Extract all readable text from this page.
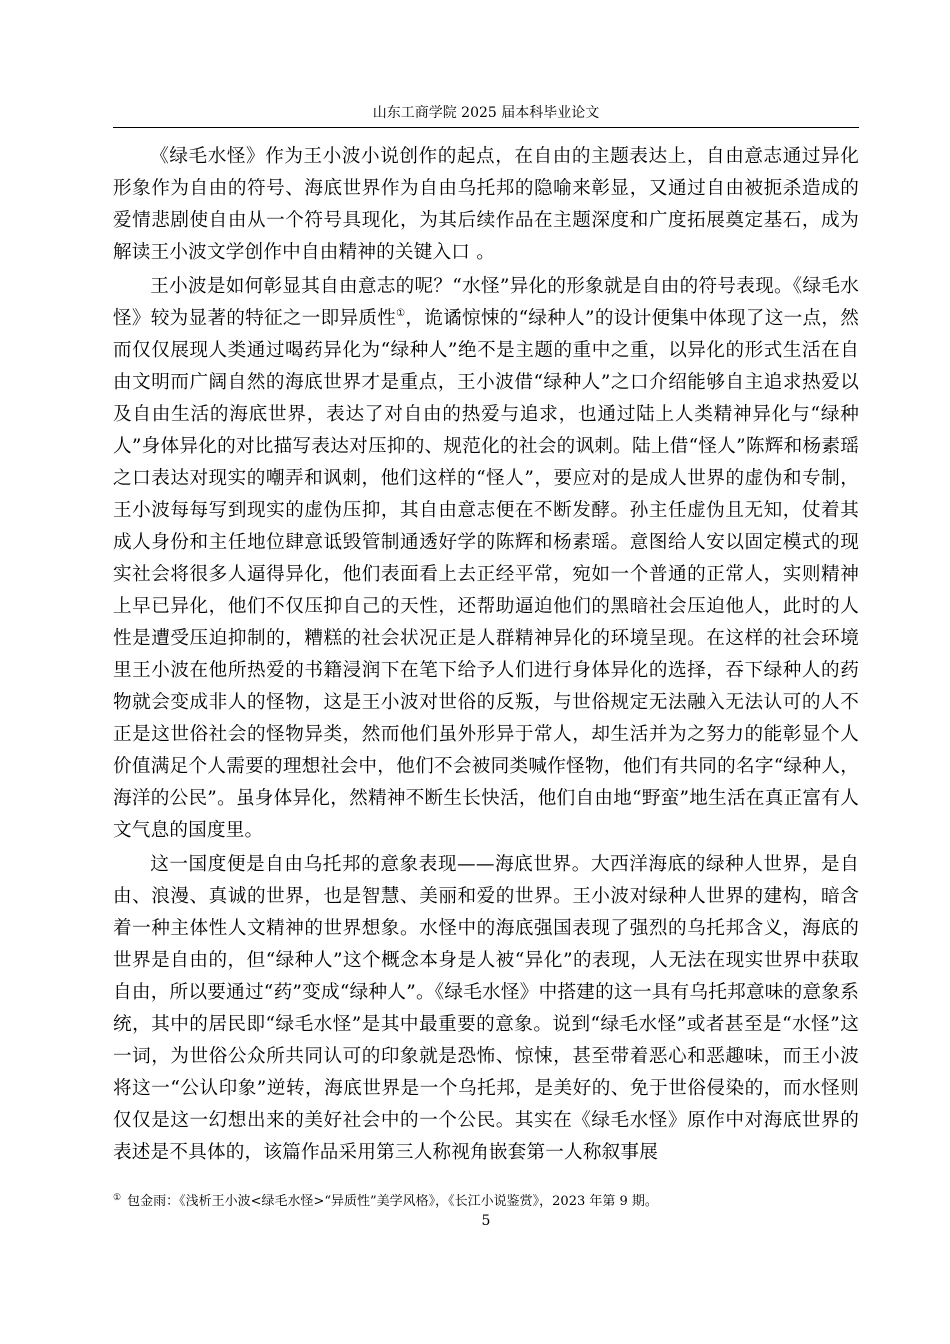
山东工商学院 2025 届本科毕业论文

《绿毛水怪》作为王小波小说创作的起点，在自由的主题表达上，自由意志通过异化形象作为自由的符号、海底世界作为自由乌托邦的隐喻来彰显，又通过自由被扼杀造成的爱情悲剧使自由从一个符号具现化，为其后续作品在主题深度和广度拓展奠定基石，成为解读王小波文学创作中自由精神的关键入口 。

王小波是如何彰显其自由意志的呢？“水怪”异化的形象就是自由的符号表现。《绿毛水怪》较为显著的特征之一即异质性①，诡谲惊悚的“绿种人”的设计便集中体现了这一点，然而仅仅展现人类通过喝药异化为“绿种人”绝不是主题的重中之重，以异化的形式生活在自由文明而广阔自然的海底世界才是重点，王小波借“绿种人”之口介绍能够自主追求热爱以及自由生活的海底世界，表达了对自由的热爱与追求，也通过陆上人类精神异化与“绿种人”身体异化的对比描写表达对压抑的、规范化的社会的讽刺。陆上借“怪人”陈辉和杨素瑶之口表达对现实的嘲弄和讽刺，他们这样的“怪人”，要应对的是成人世界的虚伪和专制，王小波每每写到现实的虚伪压抑，其自由意志便在不断发酵。孙主任虚伪且无知，仗着其成人身份和主任地位肆意诋毁管制通透好学的陈辉和杨素瑶。意图给人安以固定模式的现实社会将很多人逼得异化，他们表面看上去正经平常，宛如一个普通的正常人，实则精神上早已异化，他们不仅压抑自己的天性，还帮助逼迫他们的黑暗社会压迫他人，此时的人性是遭受压迫抑制的，糟糕的社会状况正是人群精神异化的环境呈现。在这样的社会环境里王小波在他所热爱的书籍浸润下在笔下给予人们进行身体异化的选择，吞下绿种人的药物就会变成非人的怪物，这是王小波对世俗的反叛，与世俗规定无法融入无法认可的人不正是这世俗社会的怪物异类，然而他们虽外形异于常人，却生活并为之努力的能彰显个人价值满足个人需要的理想社会中，他们不会被同类喊作怪物，他们有共同的名字“绿种人，海洋的公民”。虽身体异化，然精神不断生长快活，他们自由地“野蛮”地生活在真正富有人文气息的国度里。

这一国度便是自由乌托邦的意象表现——海底世界。大西洋海底的绿种人世界，是自由、浪漫、真诚的世界，也是智慧、美丽和爱的世界。王小波对绿种人世界的建构，暗含着一种主体性人文精神的世界想象。水怪中的海底强国表现了强烈的乌托邦含义，海底的世界是自由的，但“绿种人”这个概念本身是人被“异化”的表现，人无法在现实世界中获取自由，所以要通过“药”变成“绿种人”。《绿毛水怪》中搭建的这一具有乌托邦意味的意象系统，其中的居民即“绿毛水怪”是其中最重要的意象。说到“绿毛水怪”或者甚至是“水怪”这一词，为世俗公众所共同认可的印象就是恐怖、惊悚，甚至带着恶心和恶趣味，而王小波将这一“公认印象”逆转，海底世界是一个乌托邦，是美好的、免于世俗侵染的，而水怪则仅仅是这一幻想出来的美好社会中的一个公民。其实在《绿毛水怪》原作中对海底世界的表述是不具体的，该篇作品采用第三人称视角嵌套第一人称叙事展

① 包金雨：《浅析王小波<绿毛水怪>“异质性”美学风格》，《长江小说鉴赏》，2023 年第 9 期。
5
